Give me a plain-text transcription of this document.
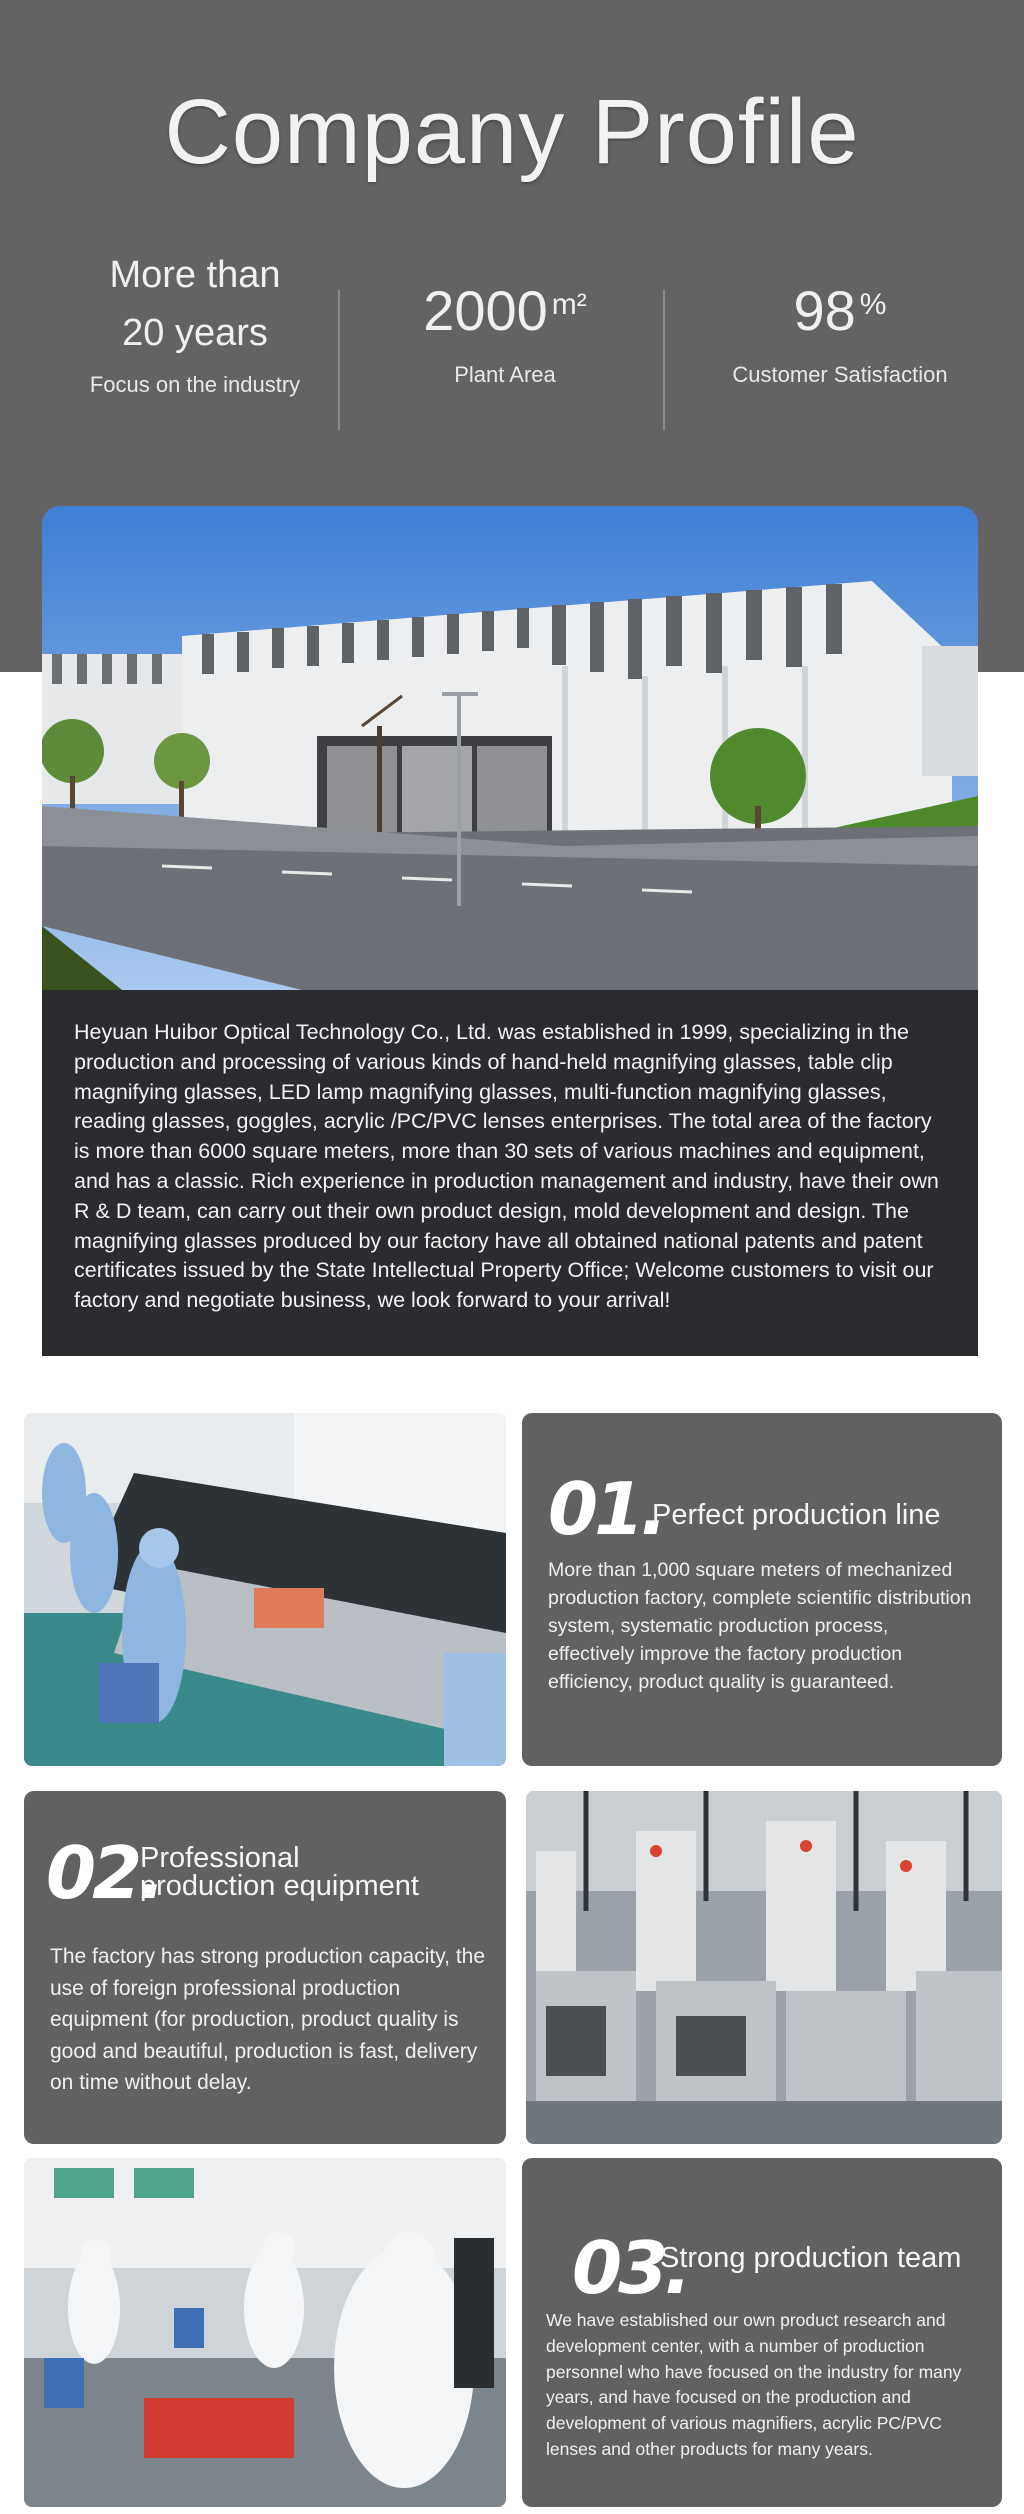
Company Profile
More than
20 years
Focus on the industry
2000 $^{m^2}$
Plant Area
98 %
Customer Satisfaction

Heyuan Huibor Optical Technology Co., Ltd. was established in 1999, specializing in the production and processing of various kinds of hand-held magnifying glasses, table clip magnifying glasses, LED lamp magnifying glasses, multi-function magnifying glasses, reading glasses, goggles, acrylic /PC/PVC lenses enterprises. The total area of the factory is more than 6000 square meters, more than 30 sets of various machines and equipment, and has a classic. Rich experience in production management and industry, have their own R & D team, can carry out their own product design, mold development and design. The magnifying glasses produced by our factory have all obtained national patents and patent certificates issued by the State Intellectual Property Office; Welcome customers to visit our factory and negotiate business, we look forward to your arrival!

01.
Perfect production line
More than 1,000 square meters of mechanized production factory, complete scientific distribution system, systematic production process, effectively improve the factory production efficiency, product quality is guaranteed.
02.
Professional
production equipment
The factory has strong production capacity, the use of foreign professional production equipment (for production, product quality is good and beautiful, production is fast, delivery on time without delay.
03.
Strong production team
We have established our own product research and development center, with a number of production personnel who have focused on the industry for many years, and have focused on the production and development of various magnifiers, acrylic PC/PVC lenses and other products for many years.
